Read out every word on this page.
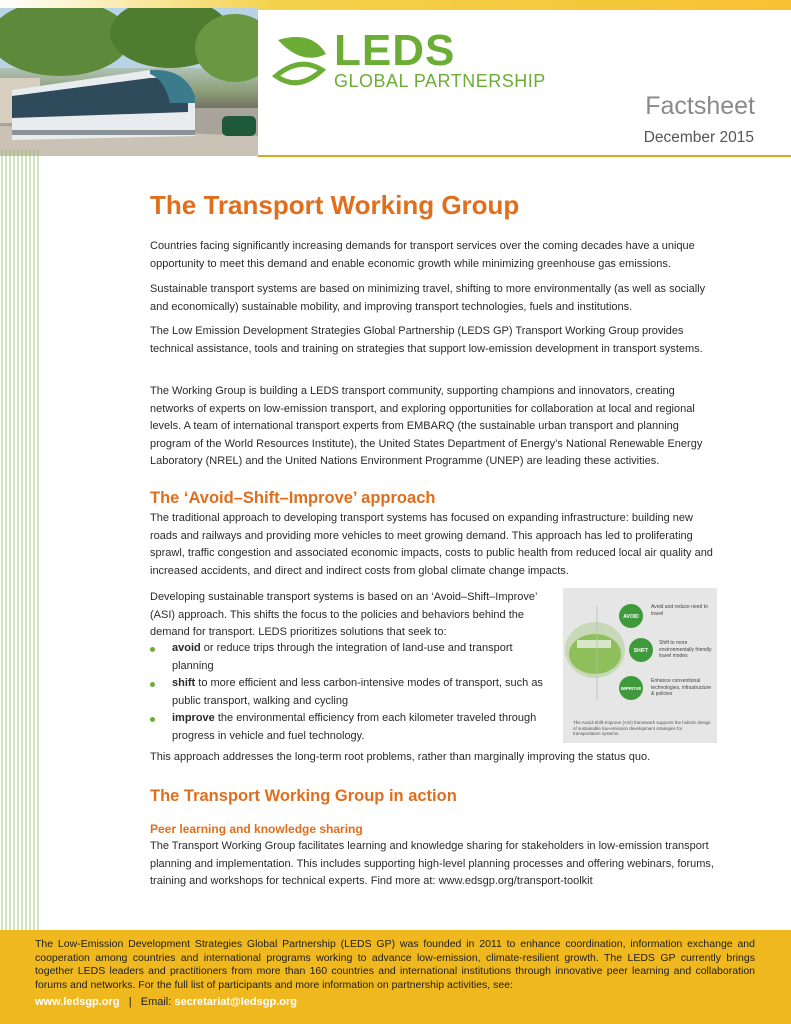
LEDS
GLOBAL PARTNERSHIP
Factsheet
December 2015
The Transport Working Group

Countries facing significantly increasing demands for transport services over the coming decades have a unique opportunity to meet this demand and enable economic growth while minimizing greenhouse gas emissions.

Sustainable transport systems are based on minimizing travel, shifting to more environmentally (as well as socially and economically) sustainable mobility, and improving transport technologies, fuels and institutions.

The Low Emission Development Strategies Global Partnership (LEDS GP) Transport Working Group provides technical assistance, tools and training on strategies that support low-emission development in transport systems.

The Working Group is building a LEDS transport community, supporting champions and innovators, creating networks of experts on low-emission transport, and exploring opportunities for collaboration at local and regional levels. A team of international transport experts from EMBARQ (the sustainable urban transport and planning program of the World Resources Institute), the United States Department of Energy’s National Renewable Energy Laboratory (NREL) and the United Nations Environment Programme (UNEP) are leading these activities.

The ‘Avoid–Shift–Improve’ approach

The traditional approach to developing transport systems has focused on expanding infrastructure: building new roads and railways and providing more vehicles to meet growing demand. This approach has led to proliferating sprawl, traffic congestion and associated economic impacts, costs to public health from reduced local air quality and increased accidents, and direct and indirect costs from global climate change impacts.

Developing sustainable transport systems is based on an ‘Avoid–Shift–Improve’ (ASI) approach. This shifts the focus to the policies and behaviors behind the demand for transport. LEDS prioritizes solutions that seek to:

avoid or reduce trips through the integration of land-use and transport planning
shift to more efficient and less carbon-intensive modes of transport, such as public transport, walking and cycling
improve the environmental efficiency from each kilometer traveled through progress in vehicle and fuel technology.
AVOID
SHIFT
IMPROVE
Avoid and reduce need to travel
Shift to more environmentally friendly travel modes
Enhance conventional technologies, infrastructure & policies
The Avoid-Shift-Improve (ASI) framework supports the holistic design of sustainable low-emission development strategies for transportation systems.

This approach addresses the long-term root problems, rather than marginally improving the status quo.

The Transport Working Group in action
Peer learning and knowledge sharing

The Transport Working Group facilitates learning and knowledge sharing for stakeholders in low-emission transport planning and implementation. This includes supporting high-level planning processes and offering webinars, forums, training and workshops for technical experts. Find more at: www.edsgp.org/transport-toolkit

The Low-Emission Development Strategies Global Partnership (LEDS GP) was founded in 2011 to enhance coordination, information exchange and cooperation among countries and international programs working to advance low-emission, climate-resilient growth. The LEDS GP currently brings together LEDS leaders and practitioners from more than 160 countries and international institutions through innovative peer learning and collaboration forums and networks. For the full list of participants and more information on partnership activities, see:

www.ledsgp.org | Email: secretariat@ledsgp.org
